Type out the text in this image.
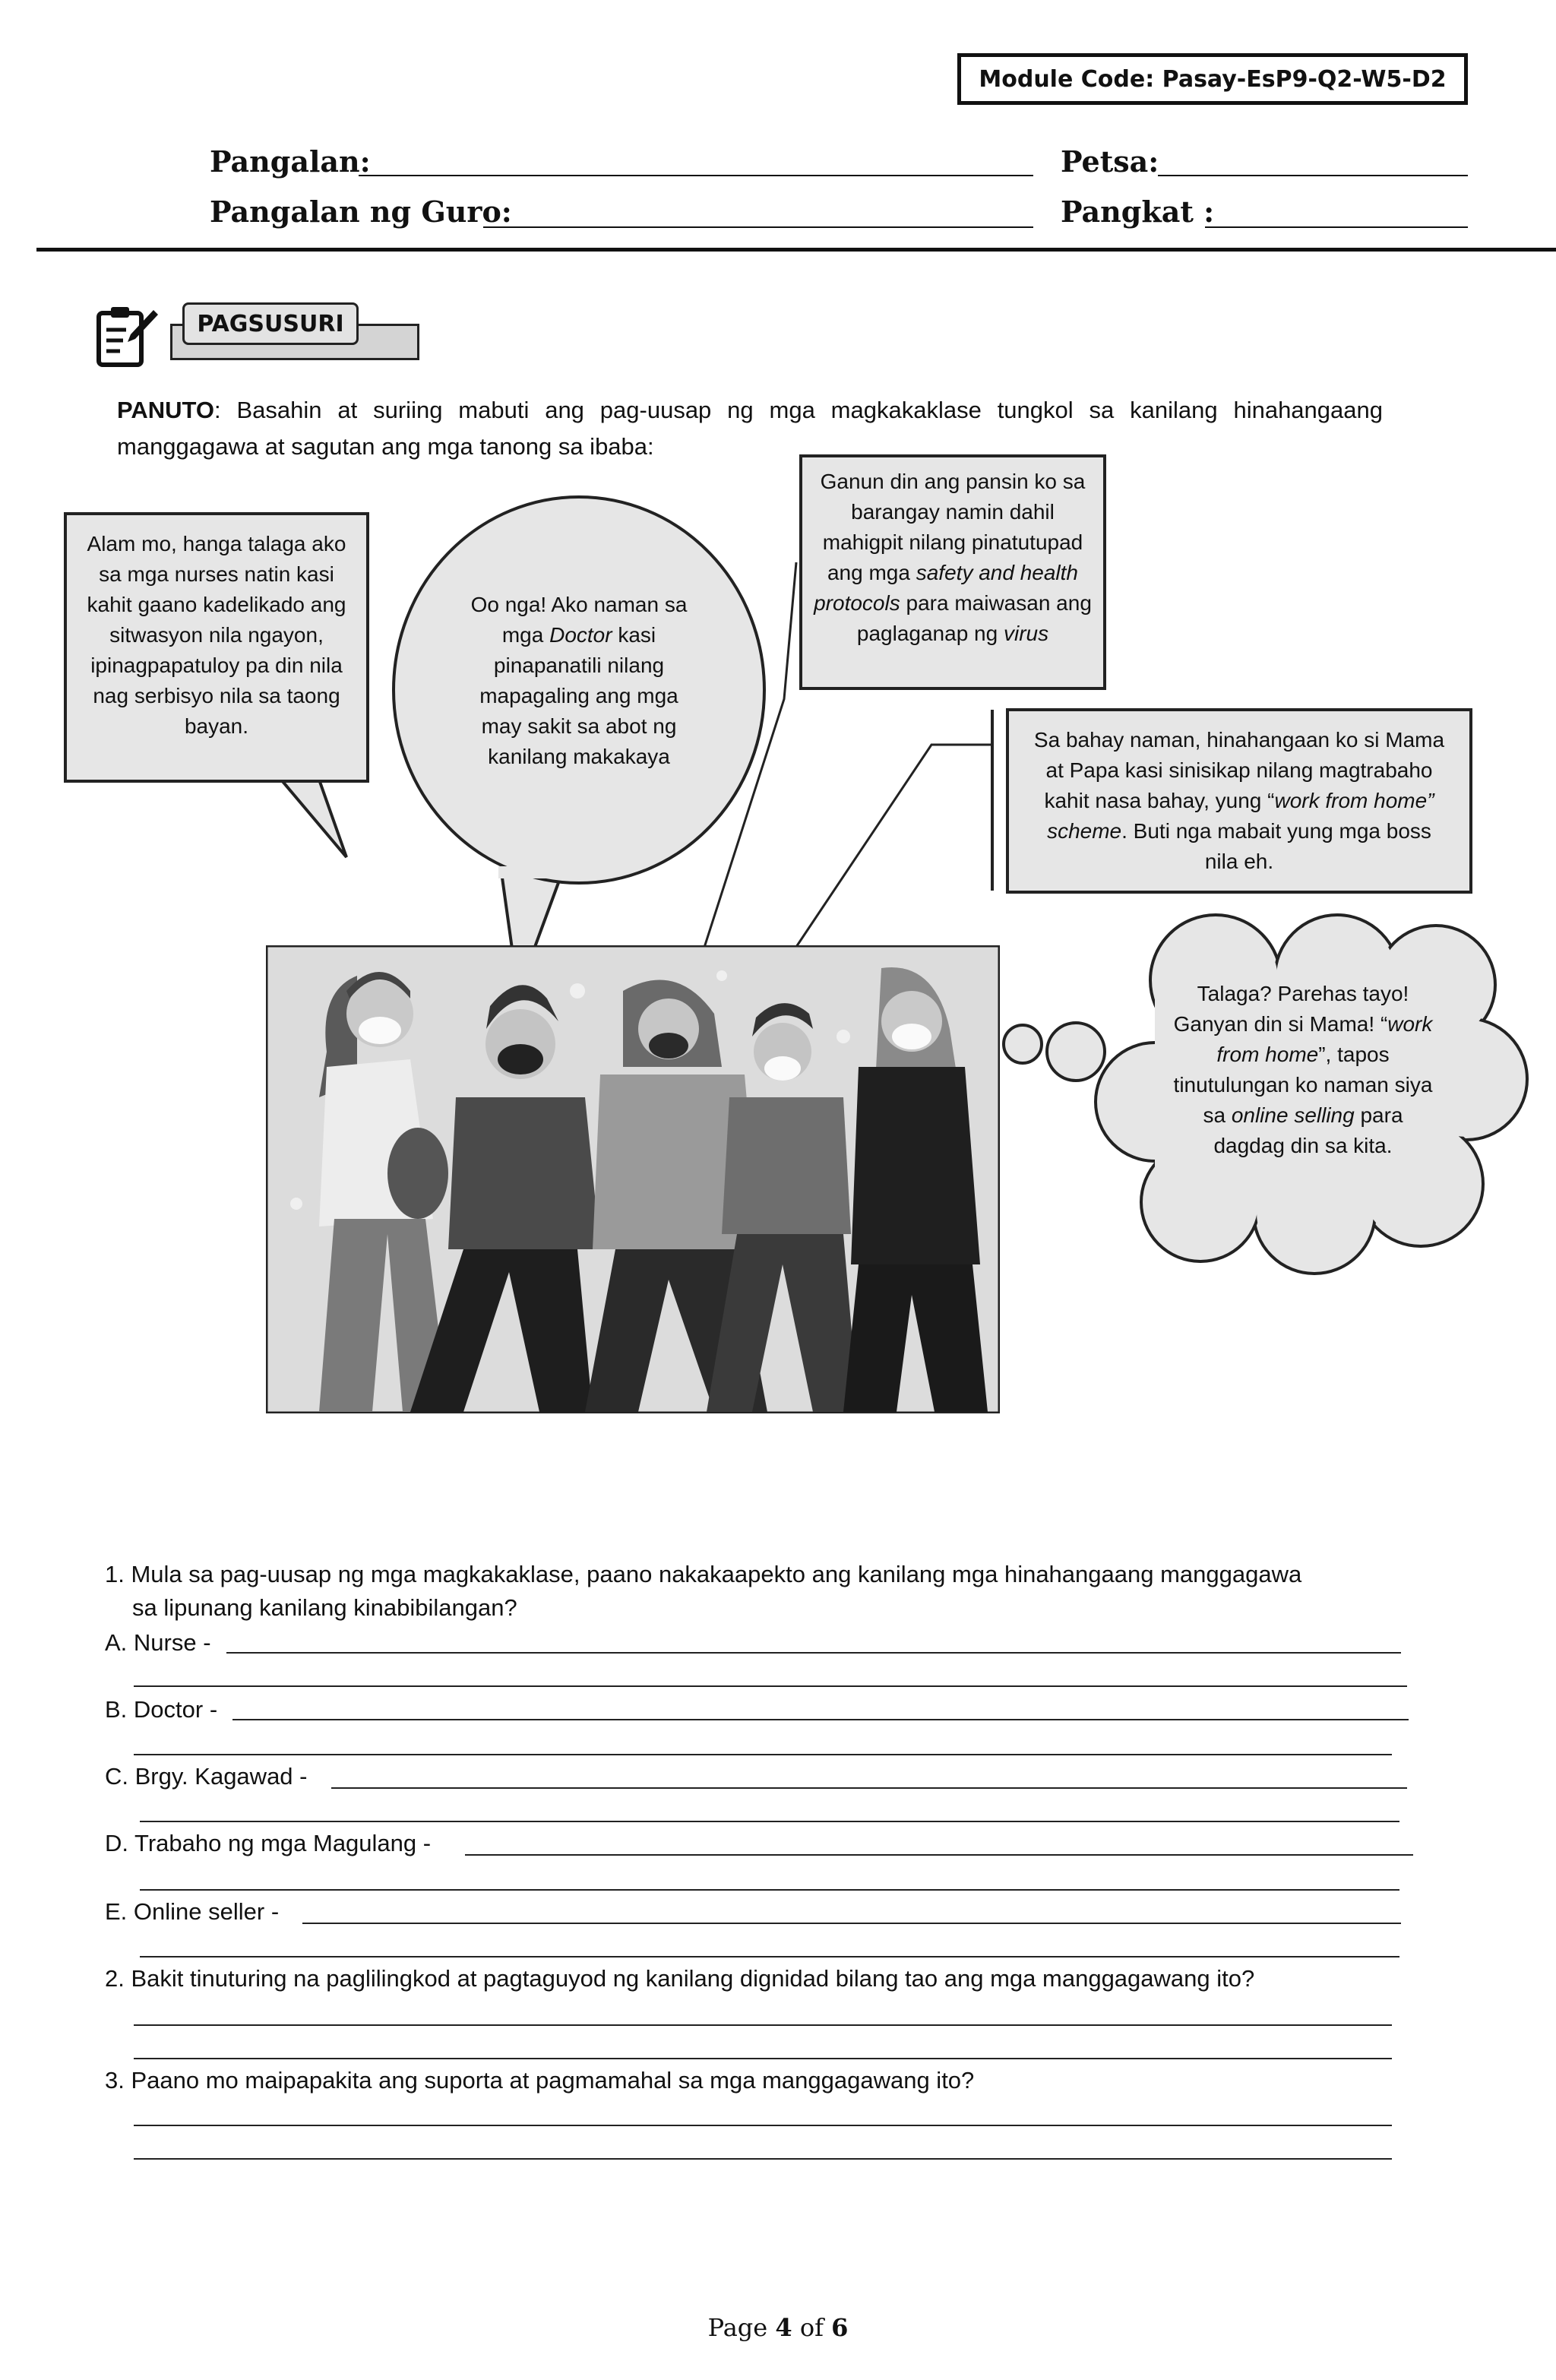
Module Code: Pasay-EsP9-Q2-W5-D2
Pangalan:	Petsa:
Pangalan ng Guro:	Pangkat :
PAGSUSURI
PANUTO: Basahin at suriing mabuti ang pag-uusap ng mga magkakaklase tungkol sa kanilang hinahangaang manggagawa at sagutan ang mga tanong sa ibaba:
Alam mo, hanga talaga ako sa mga nurses natin kasi kahit gaano kadelikado ang sitwasyon nila ngayon, ipinagpapatuloy pa din nila nag serbisyo nila sa taong bayan.
Oo nga! Ako naman sa mga Doctor kasi pinapanatili nilang mapagaling ang mga may sakit sa abot ng kanilang makakaya
Ganun din ang pansin ko sa barangay namin dahil mahigpit nilang pinatutupad ang mga safety and health protocols para maiwasan ang paglaganap ng virus
Sa bahay naman, hinahangaan ko si Mama at Papa kasi sinisikap nilang magtrabaho kahit nasa bahay, yung “work from home” scheme. Buti nga mabait yung mga boss nila eh.
Talaga? Parehas tayo! Ganyan din si Mama! “work from home”, tapos tinutulungan ko naman siya sa online selling para dagdag din sa kita.
1. Mula sa pag-uusap ng mga magkakaklase, paano nakakaapekto ang kanilang mga hinahangaang manggagawa
sa lipunang kanilang kinabibilangan?
A. Nurse -
B. Doctor -
C. Brgy. Kagawad -
D. Trabaho ng mga Magulang -
E. Online seller -
2. Bakit tinuturing na paglilingkod at pagtaguyod ng kanilang dignidad bilang tao ang mga manggagawang ito?
3. Paano mo maipapakita ang suporta at pagmamahal sa mga manggagawang ito?
Page 4 of 6
